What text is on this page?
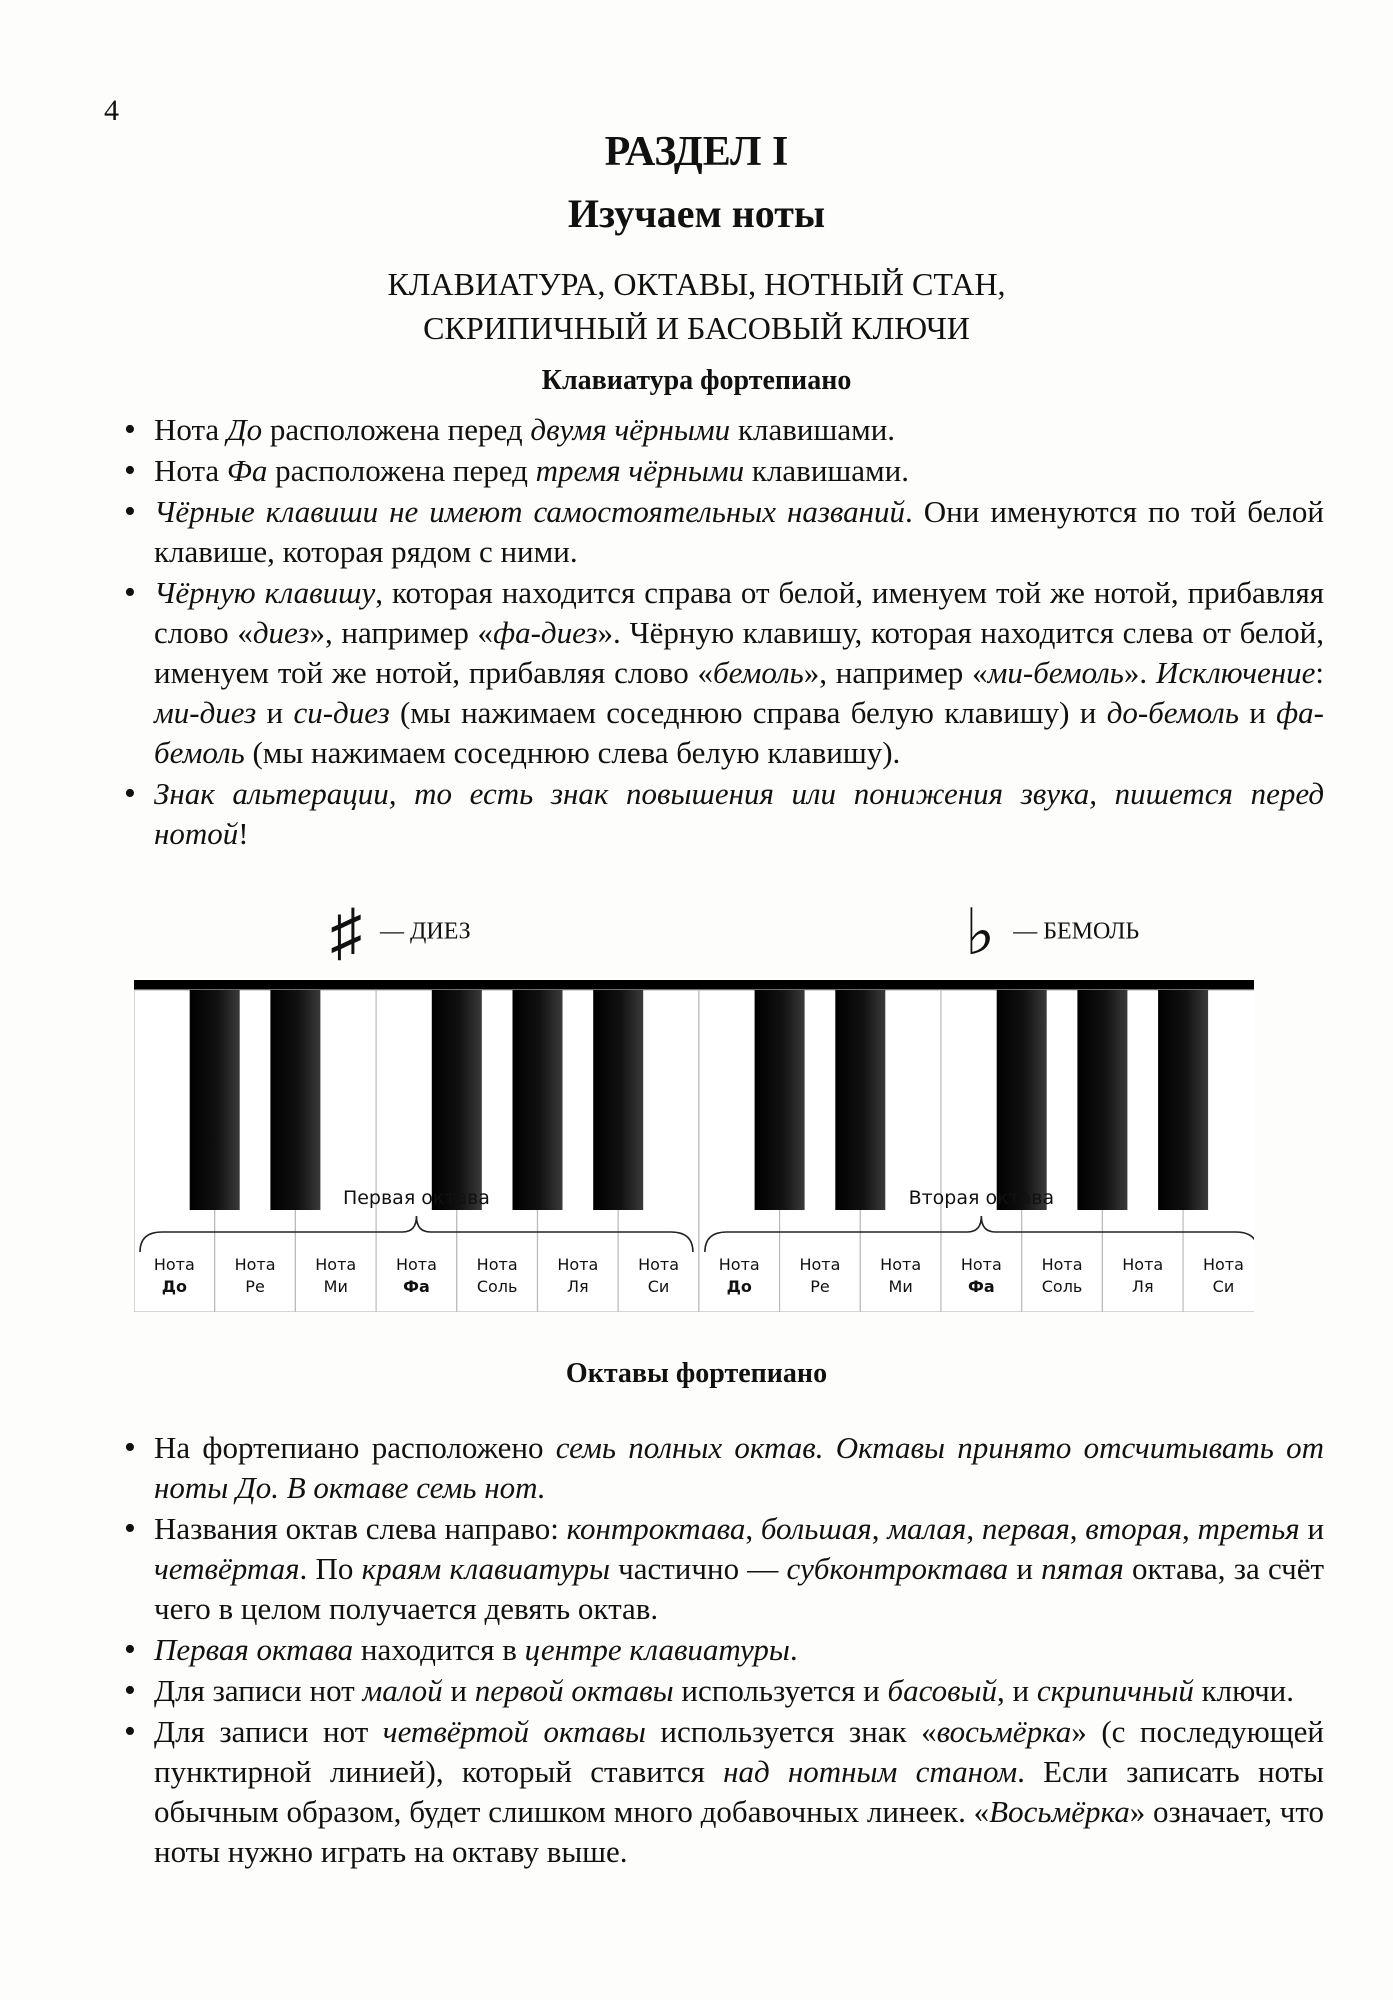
4
РАЗДЕЛ I
Изучаем ноты
КЛАВИАТУРА, ОКТАВЫ, НОТНЫЙ СТАН,
СКРИПИЧНЫЙ И БАСОВЫЙ КЛЮЧИ
Клавиатура фортепиано
• Нота До расположена перед двумя чёрными клавишами.
• Нота Фа расположена перед тремя чёрными клавишами.
• Чёрные клавиши не имеют самостоятельных названий. Они именуются по той белой клавише, которая рядом с ними.
• Чёрную клавишу, которая находится справа от белой, именуем той же нотой, прибавляя слово «диез», например «фа-диез». Чёрную клавишу, которая находится слева от белой, именуем той же нотой, прибавляя слово «бемоль», например «ми-бемоль». Исключение: ми-диез и си-диез (мы нажимаем соседнюю справа белую клавишу) и до-бемоль и фа-бемоль (мы нажимаем соседнюю слева белую клавишу).
• Знак альтерации, то есть знак повышения или понижения звука, пишется перед нотой!
♯ — ДИЕЗ	♭ — БЕМОЛЬ
Первая октава
Нота
До
Нота
Ре
Нота
Ми
Нота
Фа
Нота
Соль
Нота
Ля
Нота
Си
Вторая октава
Нота
До
Нота
Ре
Нота
Ми
Нота
Фа
Нота
Соль
Нота
Ля
Нота
Си
Октавы фортепиано
• На фортепиано расположено семь полных октав. Октавы принято отсчитывать от ноты До. В октаве семь нот.
• Названия октав слева направо: контроктава, большая, малая, первая, вторая, третья и четвёртая. По краям клавиатуры частично — субконтроктава и пятая октава, за счёт чего в целом получается девять октав.
• Первая октава находится в центре клавиатуры.
• Для записи нот малой и первой октавы используется и басовый, и скрипичный ключи.
• Для записи нот четвёртой октавы используется знак «восьмёрка» (с последующей пунктирной линией), который ставится над нотным станом. Если записать ноты обычным образом, будет слишком много добавочных линеек. «Восьмёрка» означает, что ноты нужно играть на октаву выше.
